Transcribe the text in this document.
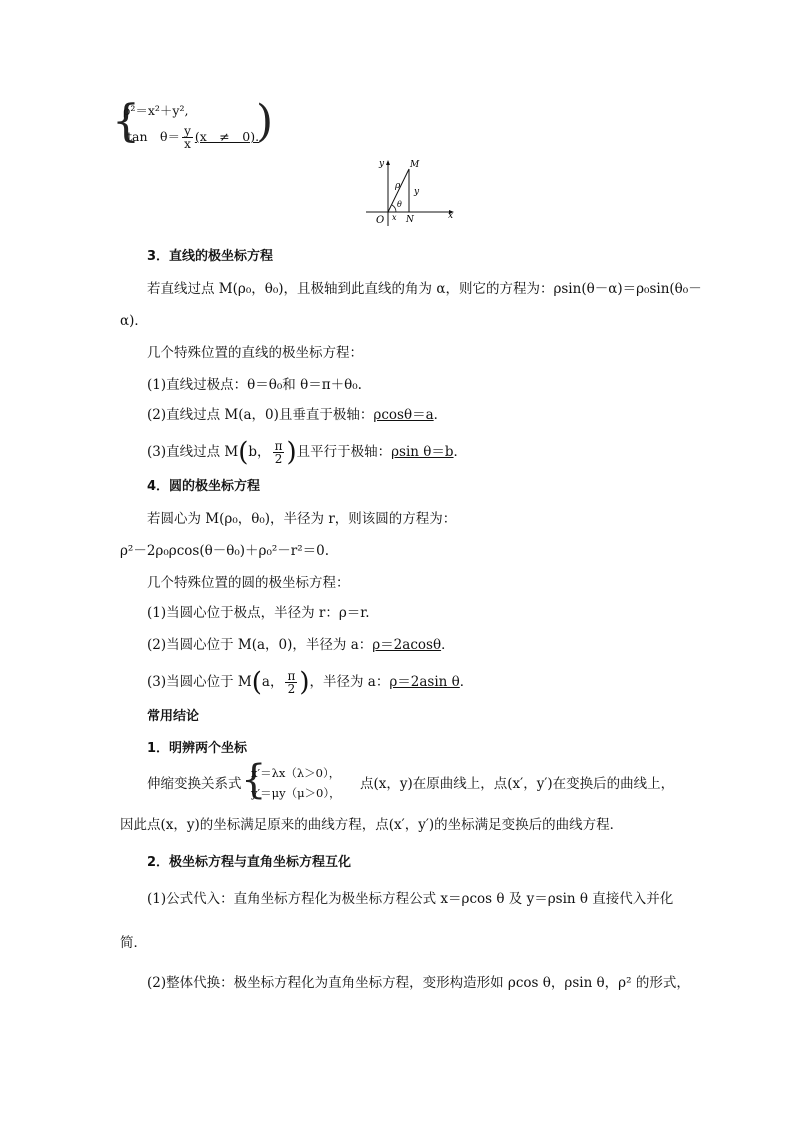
{
ρ²＝x²＋y²,
tan　$\theta= \frac{y}{x} (x$　≠　0).
)
y
x
O
M
N
ρ
θ
y
x
3．直线的极坐标方程
若直线过点 M(ρ₀，θ₀)，且极轴到此直线的角为 α，则它的方程为：ρsin(θ－α)＝ρ₀sin(θ₀－
α)．
几个特殊位置的直线的极坐标方程：
(1)直线过极点：θ＝θ₀和 θ＝π＋θ₀.
(2)直线过点 M(a，0)且垂直于极轴：ρcosθ＝a．
(3)直线过点 M(b， $\frac{\pi}{2}$ )且平行于极轴：ρsin θ＝b．
4．圆的极坐标方程
若圆心为 M(ρ₀，θ₀)，半径为 r，则该圆的方程为：
ρ²－2ρ₀ρcos(θ－θ₀)＋ρ₀²－r²＝0.
几个特殊位置的圆的极坐标方程：
(1)当圆心位于极点，半径为 r：ρ＝r.
(2)当圆心位于 M(a，0)，半径为 a：ρ＝2acosθ．
(3)当圆心位于 M(a， $\frac{\pi}{2}$ )，半径为 a：ρ＝2asin θ．
常用结论
1．明辨两个坐标
伸缩变换关系式 {
x′＝λx（λ＞0），
y′＝μy（μ＞0），
点(x，y)在原曲线上，点(x′，y′)在变换后的曲线上，
因此点(x，y)的坐标满足原来的曲线方程，点(x′，y′)的坐标满足变换后的曲线方程．
2．极坐标方程与直角坐标方程互化
(1)公式代入：直角坐标方程化为极坐标方程公式 x＝ρcos θ 及 y＝ρsin θ 直接代入并化
简．
(2)整体代换：极坐标方程化为直角坐标方程，变形构造形如 ρcos θ，ρsin θ，ρ² 的形式，
